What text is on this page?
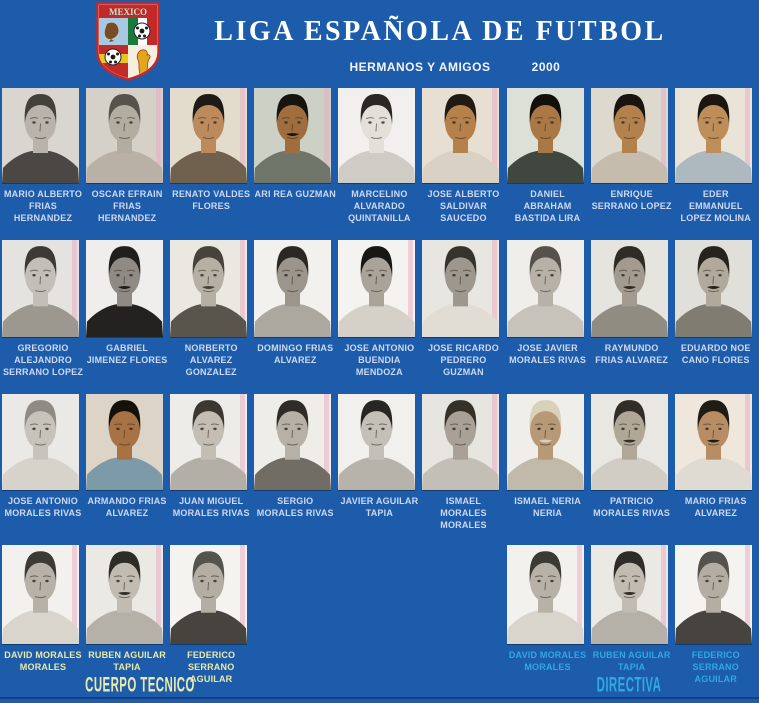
MEXICO
LIGA ESPAÑOLA DE FUTBOL
HERMANOS Y AMIGOS	2000
MARIO ALBERTO FRIAS HERNANDEZ
OSCAR EFRAIN FRIAS HERNANDEZ
RENATO VALDES FLORES
ARI REA GUZMAN	MARCELINO ALVARADO QUINTANILLA
JOSE ALBERTO SALDIVAR SAUCEDO
DANIEL ABRAHAM BASTIDA LIRA
ENRIQUE SERRANO LOPEZ
EDER EMMANUEL LOPEZ MOLINA
GREGORIO ALEJANDRO SERRANO LOPEZ
GABRIEL JIMENEZ FLORES
NORBERTO ALVAREZ GONZALEZ
DOMINGO FRIAS ALVAREZ
JOSE ANTONIO BUENDIA MENDOZA
JOSE RICARDO PEDRERO GUZMAN
JOSE JAVIER MORALES RIVAS
RAYMUNDO FRIAS ALVAREZ
EDUARDO NOE CANO FLORES
JOSE ANTONIO MORALES RIVAS
ARMANDO FRIAS ALVAREZ
JUAN MIGUEL MORALES RIVAS
SERGIO MORALES RIVAS
JAVIER AGUILAR TAPIA
ISMAEL MORALES MORALES
ISMAEL NERIA NERIA
PATRICIO MORALES RIVAS
MARIO FRIAS ALVAREZ
DAVID MORALES MORALES
RUBEN AGUILAR TAPIA
FEDERICO SERRANO AGUILAR
DAVID MORALES MORALES
RUBEN AGUILAR TAPIA
FEDERICO SERRANO AGUILAR
CUERPO TECNICO	DIRECTIVA
